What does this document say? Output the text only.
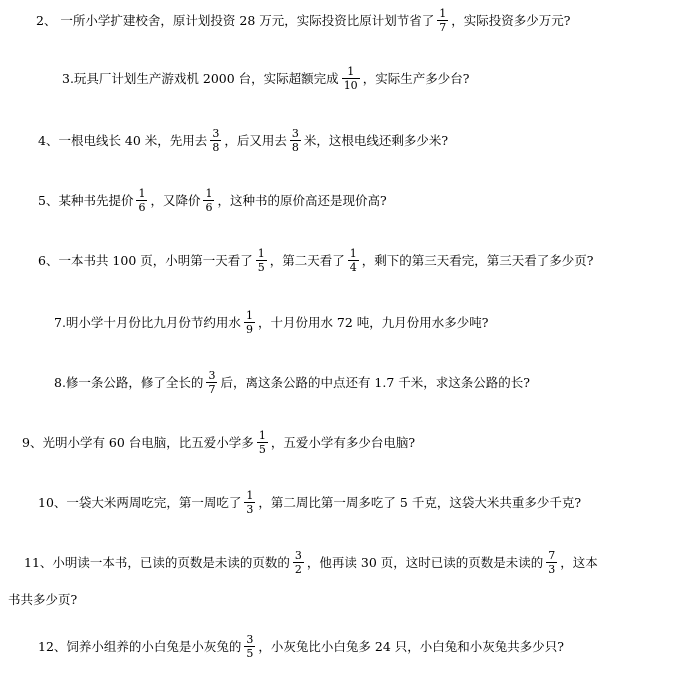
2、 一所小学扩建校舍，原计划投资 28 万元，实际投资比原计划节省了 $\frac{1}{7}$ ，实际投资多少万元?
3.玩具厂计划生产游戏机 2000 台，实际超额完成 $\frac{1}{10}$ ，实际生产多少台?
4、一根电线长 40 米，先用去 $\frac{3}{8}$ ，后又用去 $\frac{3}{8}$ 米，这根电线还剩多少米?
5、某种书先提价 $\frac{1}{6}$ ，又降价 $\frac{1}{6}$ ，这种书的原价高还是现价高?
6、一本书共 100 页，小明第一天看了 $\frac{1}{5}$ ，第二天看了 $\frac{1}{4}$ ，剩下的第三天看完，第三天看了多少页?
7.明小学十月份比九月份节约用水 $\frac{1}{9}$ ，十月份用水 72 吨，九月份用水多少吨?
8.修一条公路，修了全长的 $\frac{3}{7}$ 后，离这条公路的中点还有 1.7 千米，求这条公路的长?
9、光明小学有 60 台电脑，比五爱小学多 $\frac{1}{5}$ ，五爱小学有多少台电脑?
10、一袋大米两周吃完，第一周吃了 $\frac{1}{3}$ ，第二周比第一周多吃了 5 千克，这袋大米共重多少千克?
11、小明读一本书，已读的页数是未读的页数的 $\frac{3}{2}$ ，他再读 30 页，这时已读的页数是未读的 $\frac{7}{3}$ ，这本
书共多少页?
12、饲养小组养的小白兔是小灰兔的 $\frac{3}{5}$ ，小灰兔比小白兔多 24 只，小白兔和小灰兔共多少只?
